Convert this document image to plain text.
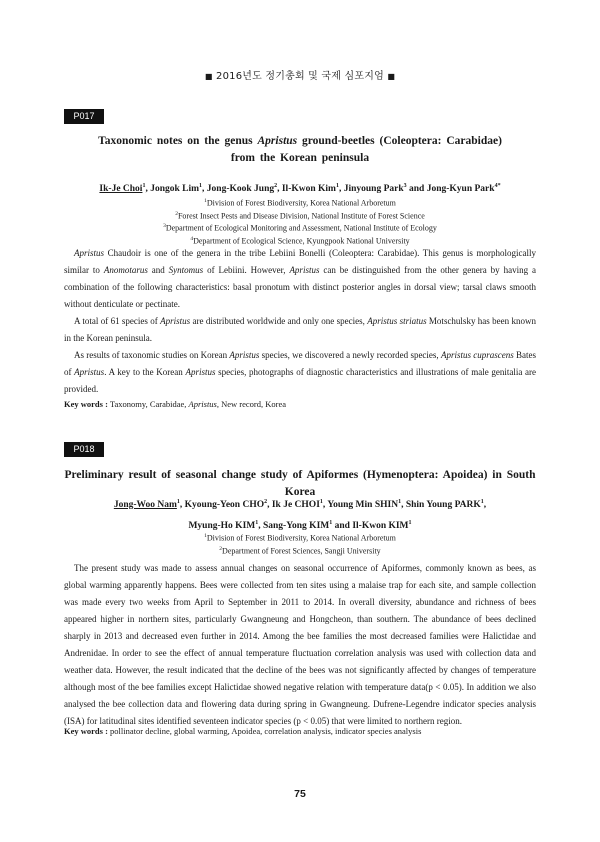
■ 2016년도 정기총회 및 국제 심포지엄 ■
P017
Taxonomic notes on the genus Apristus ground-beetles (Coleoptera: Carabidae)
from the Korean peninsula
Ik-Je Choi$^1$, Jongok Lim$^1$, Jong-Kook Jung$^2$, Il-Kwon Kim$^1$, Jinyoung Park$^3$ and Jong-Kyun Park$^{4*}$
$^1$Division of Forest Biodiversity, Korea National Arboretum
$^2$Forest Insect Pests and Disease Division, National Institute of Forest Science
$^3$Department of Ecological Monitoring and Assessment, National Institute of Ecology
$^4$Department of Ecological Science, Kyungpook National University

Apristus Chaudoir is one of the genera in the tribe Lebiini Bonelli (Coleoptera: Carabidae). This genus is morphologically similar to Anomotarus and Syntomus of Lebiini. However, Apristus can be distinguished from the other genera by having a combination of the following characteristics: basal pronotum with distinct posterior angles in dorsal view; tarsal claws smooth without denticulate or pectinate.

A total of 61 species of Apristus are distributed worldwide and only one species, Apristus striatus Motschulsky has been known in the Korean peninsula.

As results of taxonomic studies on Korean Apristus species, we discovered a newly recorded species, Apristus cuprascens Bates of Apristus. A key to the Korean Apristus species, photographs of diagnostic characteristics and illustrations of male genitalia are provided.

Key words : Taxonomy, Carabidae, Apristus, New record, Korea
P018
Preliminary result of seasonal change study of Apiformes (Hymenoptera: Apoidea) in South Korea
Jong-Woo Nam$^1$, Kyoung-Yeon CHO$^2$, Ik Je CHOI$^1$, Young Min SHIN$^1$, Shin Young PARK$^1$,
Myung-Ho KIM$^1$, Sang-Yong KIM$^1$ and Il-Kwon KIM$^1$
$^1$Division of Forest Biodiversity, Korea National Arboretum
$^2$Department of Forest Sciences, Sangji University

The present study was made to assess annual changes on seasonal occurrence of Apiformes, commonly known as bees, as global warming apparently happens. Bees were collected from ten sites using a malaise trap for each site, and sample collection was made every two weeks from April to September in 2011 to 2014. In overall diversity, abundance and richness of bees appeared higher in northern sites, particularly Gwangneung and Hongcheon, than southern. The abundance of bees declined sharply in 2013 and decreased even further in 2014. Among the bee families the most decreased families were Halictidae and Andrenidae. In order to see the effect of annual temperature fluctuation correlation analysis was used with collection data and weather data. However, the result indicated that the decline of the bees was not significantly affected by changes of temperature although most of the bee families except Halictidae showed negative relation with temperature data(p < 0.05). In addition we also analysed the bee collection data and flowering data during spring in Gwangneung. Dufrene-Legendre indicator species analysis (ISA) for latitudinal sites identified seventeen indicator species (p < 0.05) that were limited to northern region.

Key words : pollinator decline, global warming, Apoidea, correlation analysis, indicator species analysis
75
